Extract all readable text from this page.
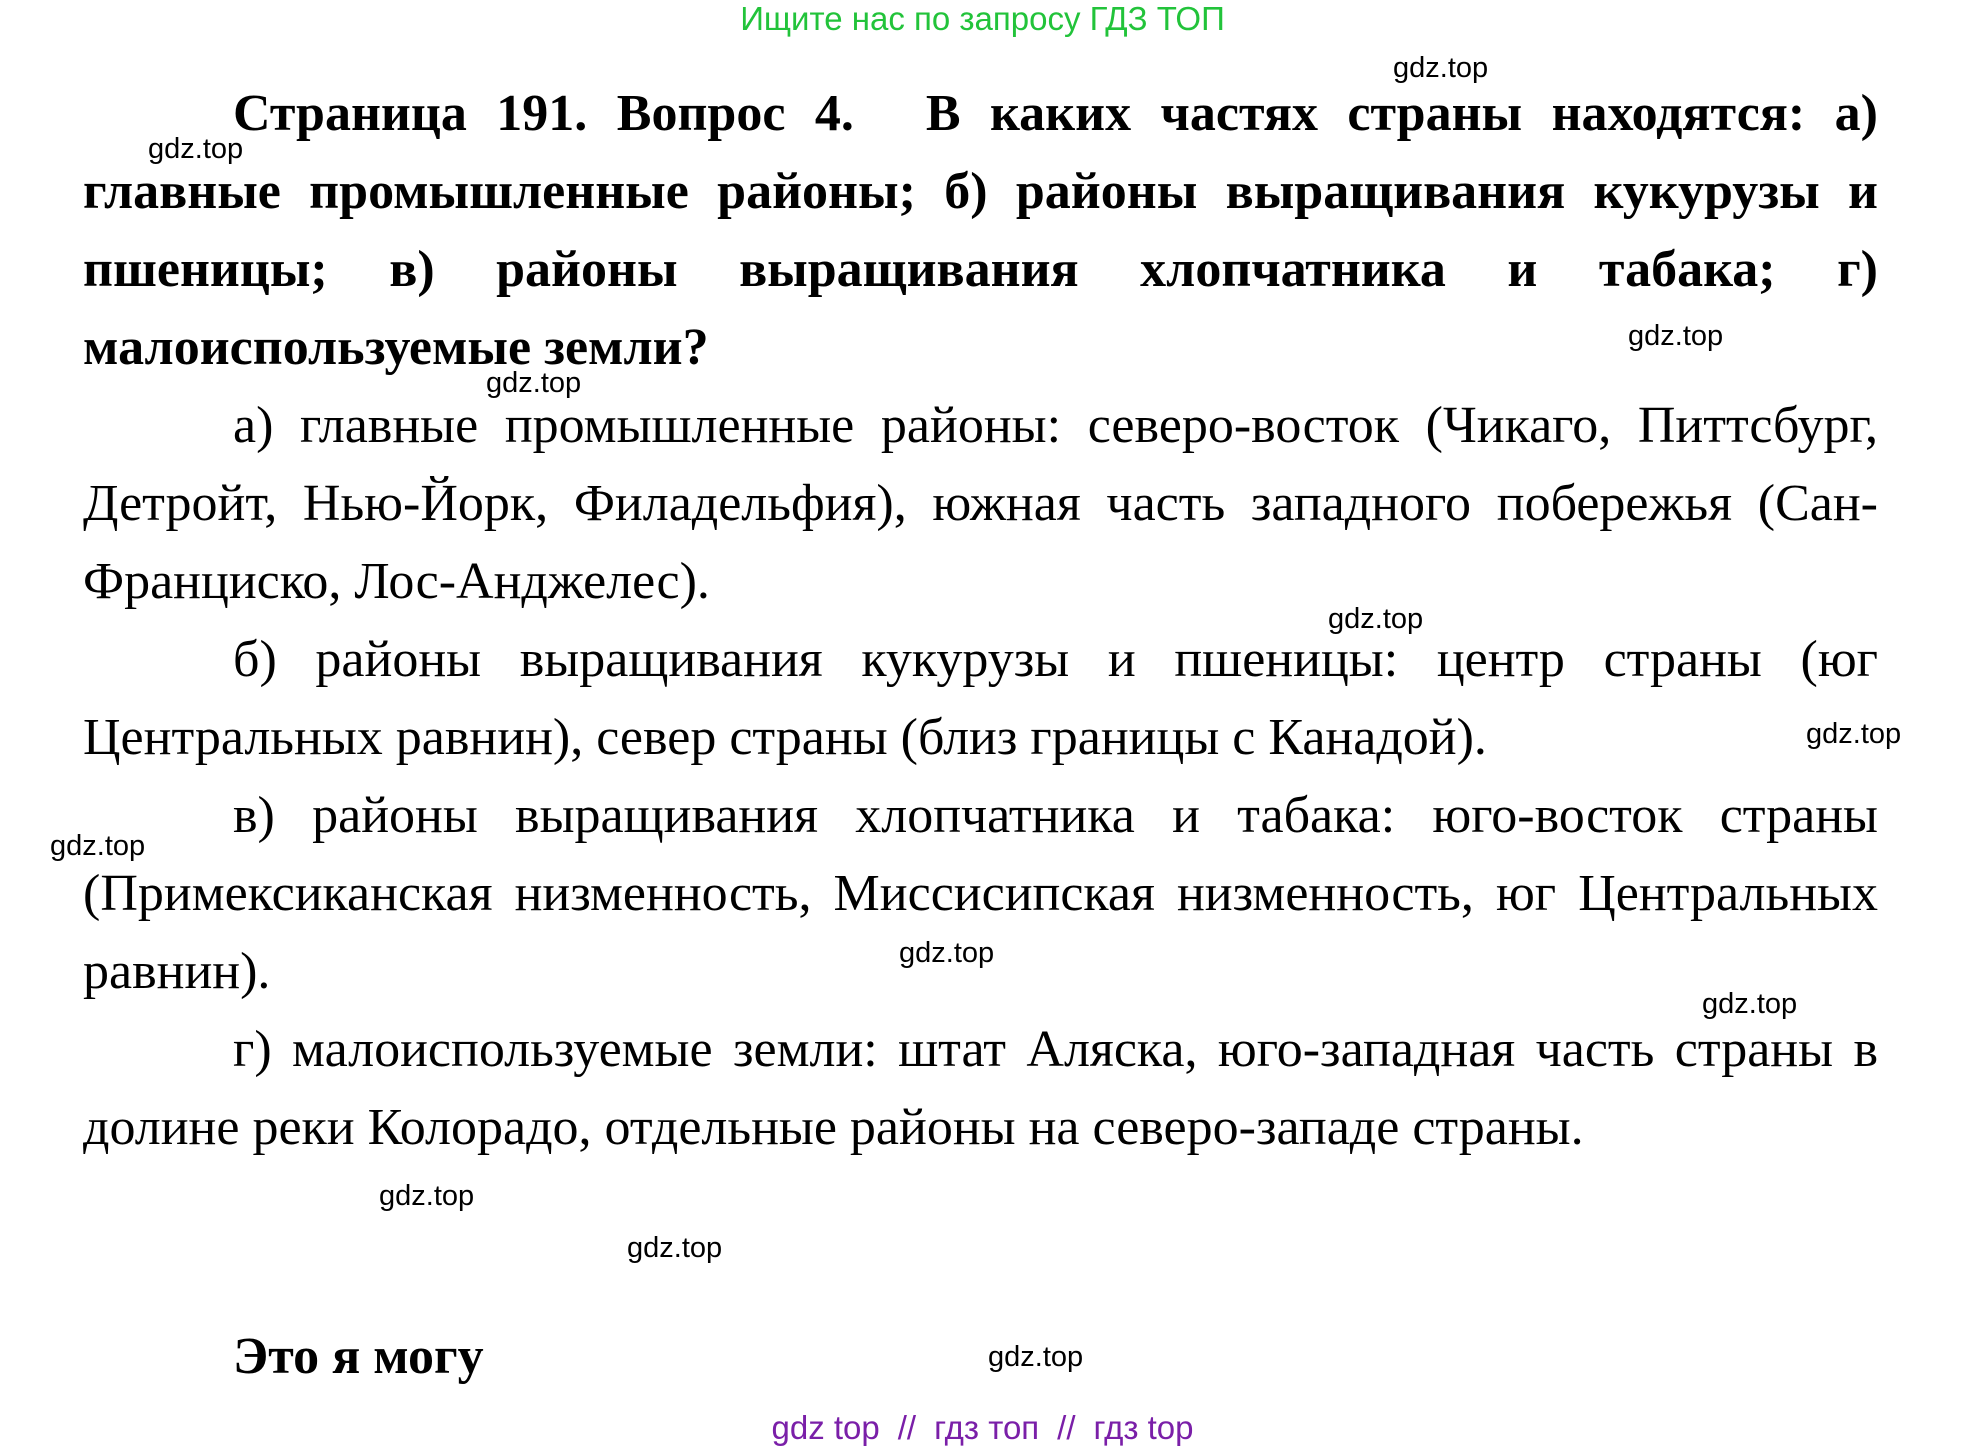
Ищите нас по запросу ГДЗ ТОП

Страница 191. Вопрос 4. В каких частях страны находятся: а) главные промышленные районы; б) районы выращивания кукурузы и пшеницы; в) районы выращивания хлопчатника и табака; г) малоиспользуемые земли?

а) главные промышленные районы: северо-восток (Чикаго, Питтсбург, Детройт, Нью-Йорк, Филадельфия), южная часть западного побережья (Сан-Франциско, Лос-Анджелес).

б) районы выращивания кукурузы и пшеницы: центр страны (юг Центральных равнин), север страны (близ границы с Канадой).

в) районы выращивания хлопчатника и табака: юго-восток страны (Примексиканская низменность, Миссисипская низменность, юг Центральных равнин).

г) малоиспользуемые земли: штат Аляска, юго-западная часть страны в долине реки Колорадо, отдельные районы на северо-западе страны.

Это я могу

gdz.top
gdz.top
gdz.top
gdz.top
gdz.top
gdz.top
gdz.top
gdz.top
gdz.top
gdz.top
gdz.top
gdz.top
gdz top // гдз топ // гдз top
